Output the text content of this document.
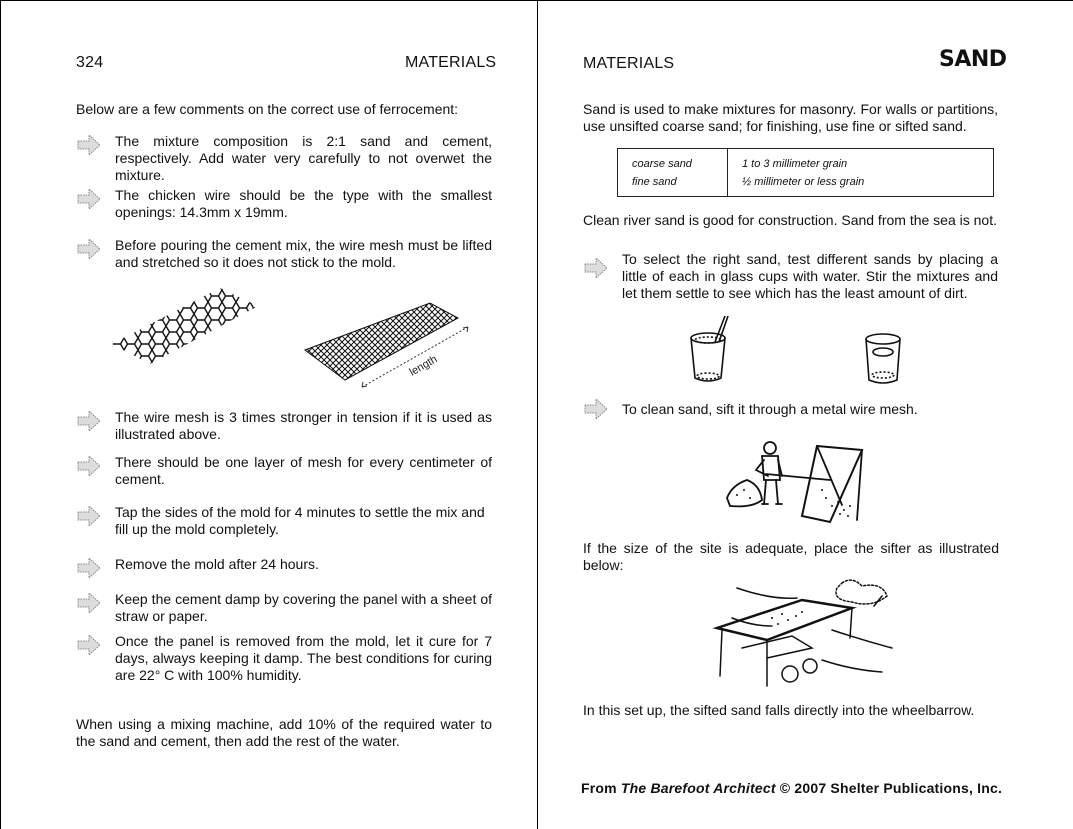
324	MATERIALS
Below are a few comments on the correct use of ferrocement:
The mixture composition is 2:1 sand and cement, respectively. Add water very carefully to not overwet the mixture.
The chicken wire should be the type with the smallest openings: 14.3mm x 19mm.
Before pouring the cement mix, the wire mesh must be lifted and stretched so it does not stick to the mold.
length
The wire mesh is 3 times stronger in tension if it is used as illustrated above.
There should be one layer of mesh for every centimeter of cement.
Tap the sides of the mold for 4 minutes to settle the mix and fill up the mold completely.
Remove the mold after 24 hours.
Keep the cement damp by covering the panel with a sheet of straw or paper.
Once the panel is removed from the mold, let it cure for 7 days, always keeping it damp. The best conditions for curing are 22° C with 100% humidity.
When using a mixing machine, add 10% of the required water to the sand and cement, then add the rest of the water.
MATERIALS	SAND
Sand is used to make mixtures for masonry. For walls or partitions, use unsifted coarse sand; for finishing, use fine or sifted sand.
coarse sand
fine sand
1 to 3 millimeter grain
½ millimeter or less grain
Clean river sand is good for construction. Sand from the sea is not.
To select the right sand, test different sands by placing a little of each in glass cups with water. Stir the mixtures and let them settle to see which has the least amount of dirt.
To clean sand, sift it through a metal wire mesh.
If the size of the site is adequate, place the sifter as illustrated below:
In this set up, the sifted sand falls directly into the wheelbarrow.
From The Barefoot Architect © 2007 Shelter Publications, Inc.
